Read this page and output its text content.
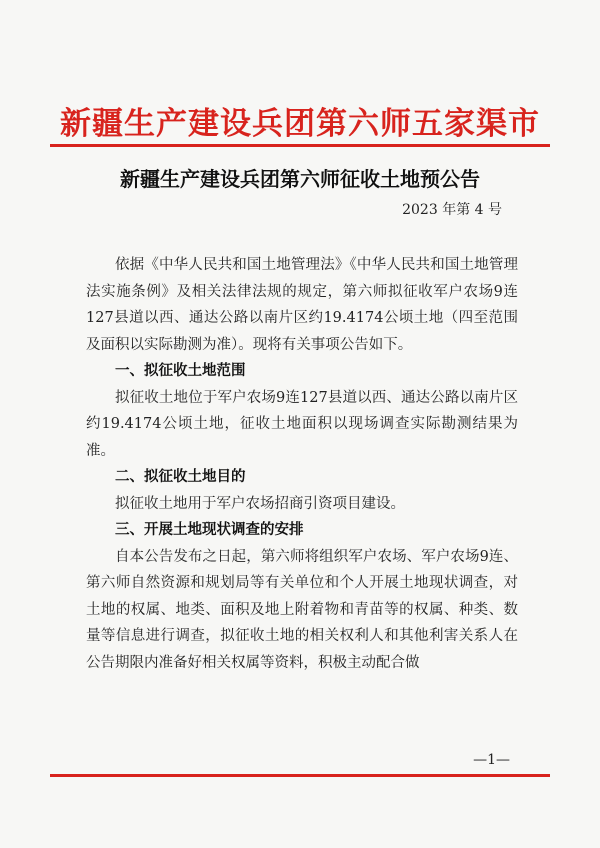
新疆生产建设兵团第六师五家渠市
新疆生产建设兵团第六师征收土地预公告
2023 年第 4 号

依据《中华人民共和国土地管理法》《中华人民共和国土地管理法实施条例》及相关法律法规的规定，第六师拟征收军户农场9连127县道以西、通达公路以南片区约19.4174公顷土地（四至范围及面积以实际勘测为准）。现将有关事项公告如下。

一、拟征收土地范围

拟征收土地位于军户农场9连127县道以西、通达公路以南片区约19.4174公顷土地，征收土地面积以现场调查实际勘测结果为准。

二、拟征收土地目的

拟征收土地用于军户农场招商引资项目建设。

三、开展土地现状调查的安排

自本公告发布之日起，第六师将组织军户农场、军户农场9连、第六师自然资源和规划局等有关单位和个人开展土地现状调查，对土地的权属、地类、面积及地上附着物和青苗等的权属、种类、数量等信息进行调查，拟征收土地的相关权利人和其他利害关系人在公告期限内准备好相关权属等资料，积极主动配合做

—1—
